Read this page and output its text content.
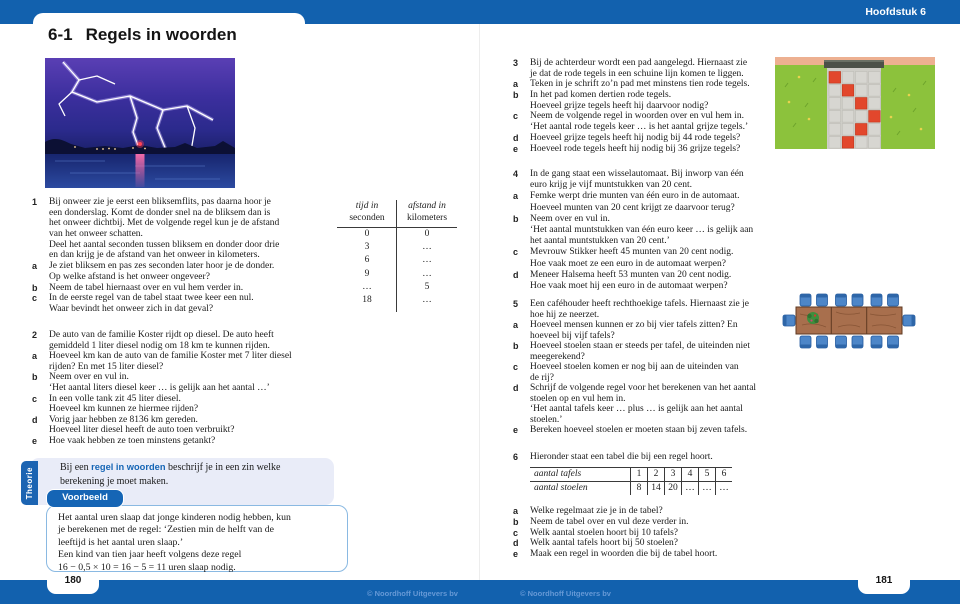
Hoofdstuk 6
6-1 Regels in woorden
1	Bij onweer zie je eerst een bliksemflits, pas daarna hoor je
een donderslag. Komt de donder snel na de bliksem dan is
het onweer dichtbij. Met de volgende regel kun je de afstand
van het onweer schatten.
Deel het aantal seconden tussen bliksem en donder door drie
en dan krijg je de afstand van het onweer in kilometers.
a	Je ziet bliksem en pas zes seconden later hoor je de donder.
Op welke afstand is het onweer ongeveer?
b	Neem de tabel hiernaast over en vul hem verder in.
c	In de eerste regel van de tabel staat twee keer een nul.
Waar bevindt het onweer zich in dat geval?
tijd in
seconden
afstand in
kilometers
0	0
3	…
6	…
9	…
…	5
18	…
2	De auto van de familie Koster rijdt op diesel. De auto heeft
gemiddeld 1 liter diesel nodig om 18 km te kunnen rijden.
a	Hoeveel km kan de auto van de familie Koster met 7 liter diesel
rijden? En met 15 liter diesel?
b	Neem over en vul in.
‘Het aantal liters diesel keer … is gelijk aan het aantal …’
c	In een volle tank zit 45 liter diesel.
Hoeveel km kunnen ze hiermee rijden?
d	Vorig jaar hebben ze 8136 km gereden.
Hoeveel liter diesel heeft de auto toen verbruikt?
e	Hoe vaak hebben ze toen minstens getankt?
Theorie	Bij een regel in woorden beschrijf je in een zin welke
berekening je moet maken.
Voorbeeld
Het aantal uren slaap dat jonge kinderen nodig hebben, kun
je berekenen met de regel: ‘Zestien min de helft van de
leeftijd is het aantal uren slaap.’
Een kind van tien jaar heeft volgens deze regel
16 − 0,5 × 10 = 16 − 5 = 11 uren slaap nodig.
180
© Noordhoff Uitgevers bv
3	Bij de achterdeur wordt een pad aangelegd. Hiernaast zie
je dat de rode tegels in een schuine lijn komen te liggen.
a	Teken in je schrift zo’n pad met minstens tien rode tegels.
b	In het pad komen dertien rode tegels.
Hoeveel grijze tegels heeft hij daarvoor nodig?
c	Neem de volgende regel in woorden over en vul hem in.
‘Het aantal rode tegels keer … is het aantal grijze tegels.’
d	Hoeveel grijze tegels heeft hij nodig bij 44 rode tegels?
e	Hoeveel rode tegels heeft hij nodig bij 36 grijze tegels?
4	In de gang staat een wisselautomaat. Bij inworp van één
euro krijg je vijf muntstukken van 20 cent.
a	Femke werpt drie munten van één euro in de automaat.
Hoeveel munten van 20 cent krijgt ze daarvoor terug?
b	Neem over en vul in.
‘Het aantal muntstukken van één euro keer … is gelijk aan
het aantal muntstukken van 20 cent.’
c	Mevrouw Stikker heeft 45 munten van 20 cent nodig.
Hoe vaak moet ze een euro in de automaat werpen?
d	Meneer Halsema heeft 53 munten van 20 cent nodig.
Hoe vaak moet hij een euro in de automaat werpen?
5	Een caféhouder heeft rechthoekige tafels. Hiernaast zie je
hoe hij ze neerzet.
a	Hoeveel mensen kunnen er zo bij vier tafels zitten? En
hoeveel bij vijf tafels?
b	Hoeveel stoelen staan er steeds per tafel, de uiteinden niet
meegerekend?
c	Hoeveel stoelen komen er nog bij aan de uiteinden van
de rij?
d	Schrijf de volgende regel voor het berekenen van het aantal
stoelen op en vul hem in.
‘Het aantal tafels keer … plus … is gelijk aan het aantal
stoelen.’
e	Bereken hoeveel stoelen er moeten staan bij zeven tafels.
6	Hieronder staat een tabel die bij een regel hoort.
aantal tafels	1	2	3	4	5	6
aantal stoelen	8	14	20	…	…	…
a	Welke regelmaat zie je in de tabel?
b	Neem de tabel over en vul deze verder in.
c	Welk aantal stoelen hoort bij 10 tafels?
d	Welk aantal tafels hoort bij 50 stoelen?
e	Maak een regel in woorden die bij de tabel hoort.
© Noordhoff Uitgevers bv
181
